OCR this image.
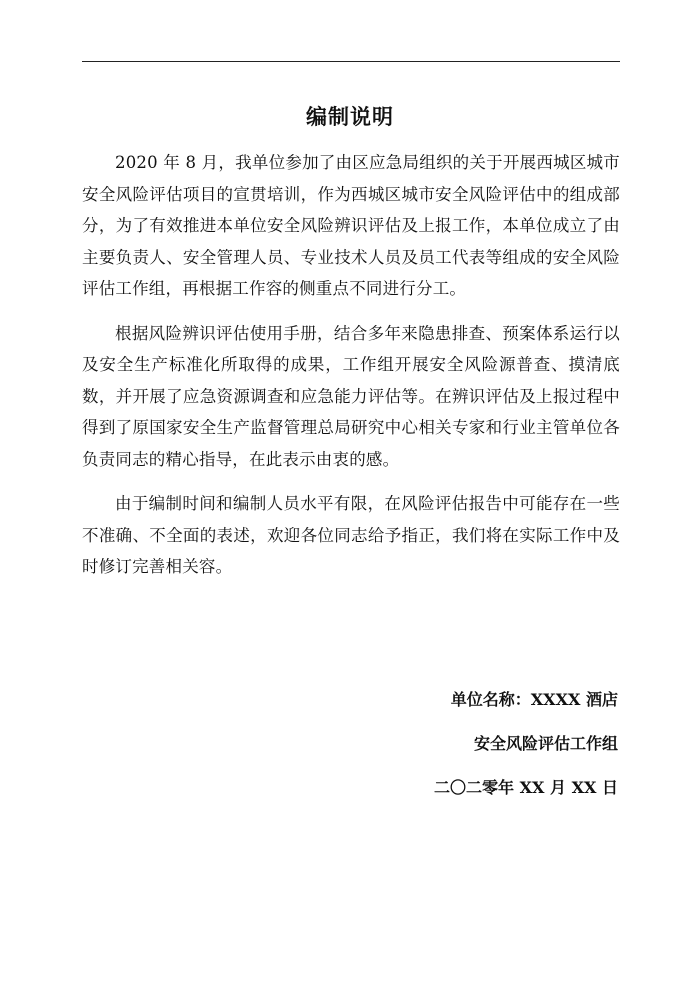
编制说明

2020 年 8 月，我单位参加了由区应急局组织的关于开展西城区城市安全风险评估项目的宣贯培训，作为西城区城市安全风险评估中的组成部分，为了有效推进本单位安全风险辨识评估及上报工作，本单位成立了由主要负责人、安全管理人员、专业技术人员及员工代表等组成的安全风险评估工作组，再根据工作容的侧重点不同进行分工。

根据风险辨识评估使用手册，结合多年来隐患排查、预案体系运行以及安全生产标准化所取得的成果，工作组开展安全风险源普查、摸清底数，并开展了应急资源调查和应急能力评估等。在辨识评估及上报过程中得到了原国家安全生产监督管理总局研究中心相关专家和行业主管单位各负责同志的精心指导，在此表示由衷的感。

由于编制时间和编制人员水平有限，在风险评估报告中可能存在一些不准确、不全面的表述，欢迎各位同志给予指正，我们将在实际工作中及时修订完善相关容。

单位名称：XXXX 酒店
安全风险评估工作组
二〇二零年 XX 月 XX 日
